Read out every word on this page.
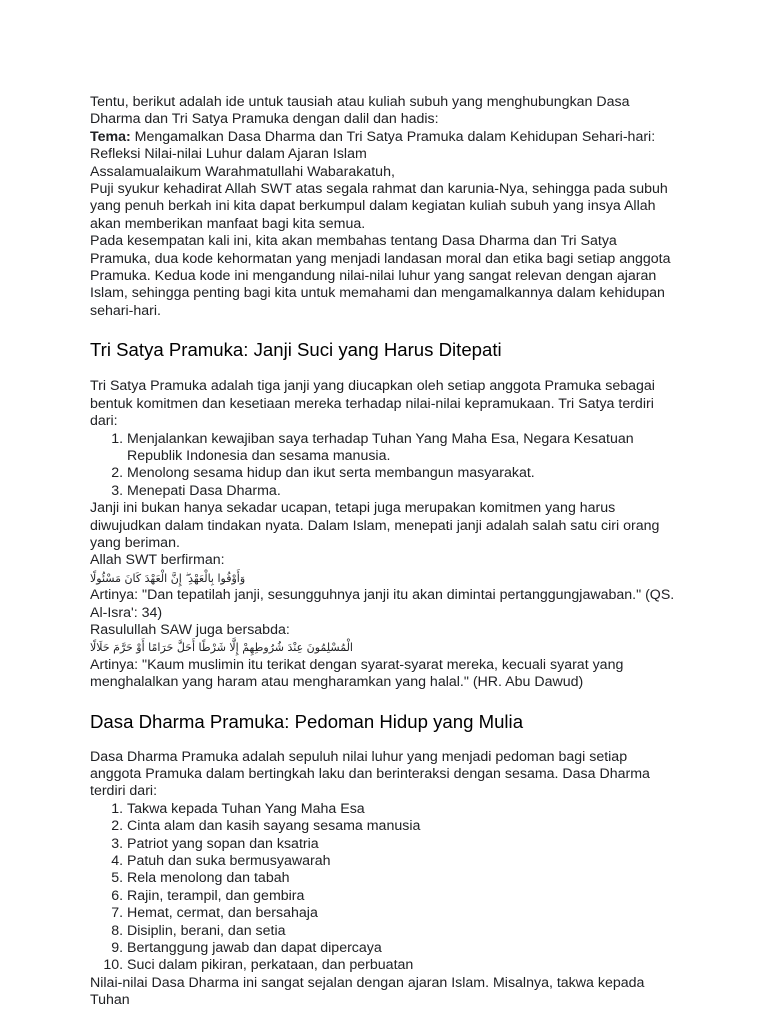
Tentu, berikut adalah ide untuk tausiah atau kuliah subuh yang menghubungkan Dasa Dharma dan Tri Satya Pramuka dengan dalil dan hadis:

Tema: Mengamalkan Dasa Dharma dan Tri Satya Pramuka dalam Kehidupan Sehari-hari: Refleksi Nilai-nilai Luhur dalam Ajaran Islam

Assalamualaikum Warahmatullahi Wabarakatuh,

Puji syukur kehadirat Allah SWT atas segala rahmat dan karunia-Nya, sehingga pada subuh yang penuh berkah ini kita dapat berkumpul dalam kegiatan kuliah subuh yang insya Allah akan memberikan manfaat bagi kita semua.

Pada kesempatan kali ini, kita akan membahas tentang Dasa Dharma dan Tri Satya Pramuka, dua kode kehormatan yang menjadi landasan moral dan etika bagi setiap anggota Pramuka. Kedua kode ini mengandung nilai-nilai luhur yang sangat relevan dengan ajaran Islam, sehingga penting bagi kita untuk memahami dan mengamalkannya dalam kehidupan sehari-hari.

Tri Satya Pramuka: Janji Suci yang Harus Ditepati

Tri Satya Pramuka adalah tiga janji yang diucapkan oleh setiap anggota Pramuka sebagai bentuk komitmen dan kesetiaan mereka terhadap nilai-nilai kepramukaan. Tri Satya terdiri dari:

1. Menjalankan kewajiban saya terhadap Tuhan Yang Maha Esa, Negara Kesatuan Republik Indonesia dan sesama manusia.
2. Menolong sesama hidup dan ikut serta membangun masyarakat.
3. Menepati Dasa Dharma.

Janji ini bukan hanya sekadar ucapan, tetapi juga merupakan komitmen yang harus diwujudkan dalam tindakan nyata. Dalam Islam, menepati janji adalah salah satu ciri orang yang beriman.

Allah SWT berfirman:

وَأَوْفُوا بِالْعَهْدِ ۖ إِنَّ الْعَهْدَ كَانَ مَسْئُولًا

Artinya: "Dan tepatilah janji, sesungguhnya janji itu akan dimintai pertanggungjawaban." (QS. Al-Isra': 34)

Rasulullah SAW juga bersabda:

الْمُسْلِمُونَ عِنْدَ شُرُوطِهِمْ إِلَّا شَرْطًا أَحَلَّ حَرَامًا أَوْ حَرَّمَ حَلَالًا

Artinya: "Kaum muslimin itu terikat dengan syarat-syarat mereka, kecuali syarat yang menghalalkan yang haram atau mengharamkan yang halal." (HR. Abu Dawud)

Dasa Dharma Pramuka: Pedoman Hidup yang Mulia

Dasa Dharma Pramuka adalah sepuluh nilai luhur yang menjadi pedoman bagi setiap anggota Pramuka dalam bertingkah laku dan berinteraksi dengan sesama. Dasa Dharma terdiri dari:

1. Takwa kepada Tuhan Yang Maha Esa
2. Cinta alam dan kasih sayang sesama manusia
3. Patriot yang sopan dan ksatria
4. Patuh dan suka bermusyawarah
5. Rela menolong dan tabah
6. Rajin, terampil, dan gembira
7. Hemat, cermat, dan bersahaja
8. Disiplin, berani, dan setia
9. Bertanggung jawab dan dapat dipercaya
10. Suci dalam pikiran, perkataan, dan perbuatan

Nilai-nilai Dasa Dharma ini sangat sejalan dengan ajaran Islam. Misalnya, takwa kepada Tuhan
